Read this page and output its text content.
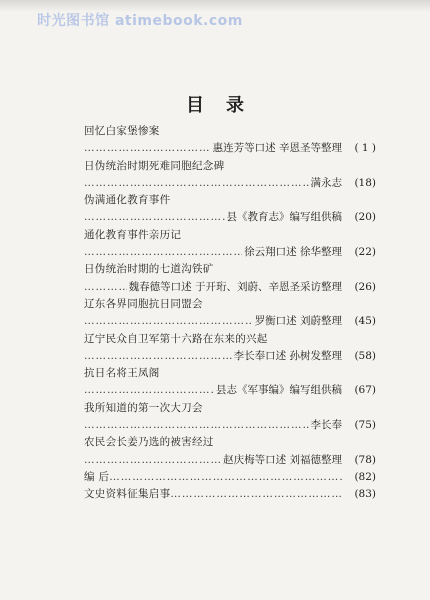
时光图书馆 atimebook.com
目录
回忆白家堡惨案
……………………………………………………………………………………
惠连芳等口述 辛恩圣等整理	( 1 )
日伪统治时期死难同胞纪念碑
……………………………………………………………………………………
满永志	(18)
伪满通化教育事件
……………………………………………………………………………………
县《教育志》编写组供稿	(20)
通化教育事件亲历记
……………………………………………………………………………………
徐云翔口述 徐华整理	(22)
日伪统治时期的七道沟铁矿
……………………………………………………………………………………
魏春德等口述 于开珩、刘蔚、辛恩圣采访整理	(26)
辽东各界同胞抗日同盟会
……………………………………………………………………………………
罗衡口述 刘蔚整理	(45)
辽宁民众自卫军第十六路在东来的兴起
……………………………………………………………………………………
李长奉口述 孙树发整理	(58)
抗日名将王凤阁
……………………………………………………………………………………
县志《军事编》编写组供稿	(67)
我所知道的第一次大刀会
……………………………………………………………………………………
李长奉	(75)
农民会长姜乃选的被害经过
……………………………………………………………………………………
赵庆梅等口述 刘福德整理	(78)
编 后 ……………………………………………………………………………………	(82)
文史资料征集启事 ……………………………………………………………………………………	(83)
